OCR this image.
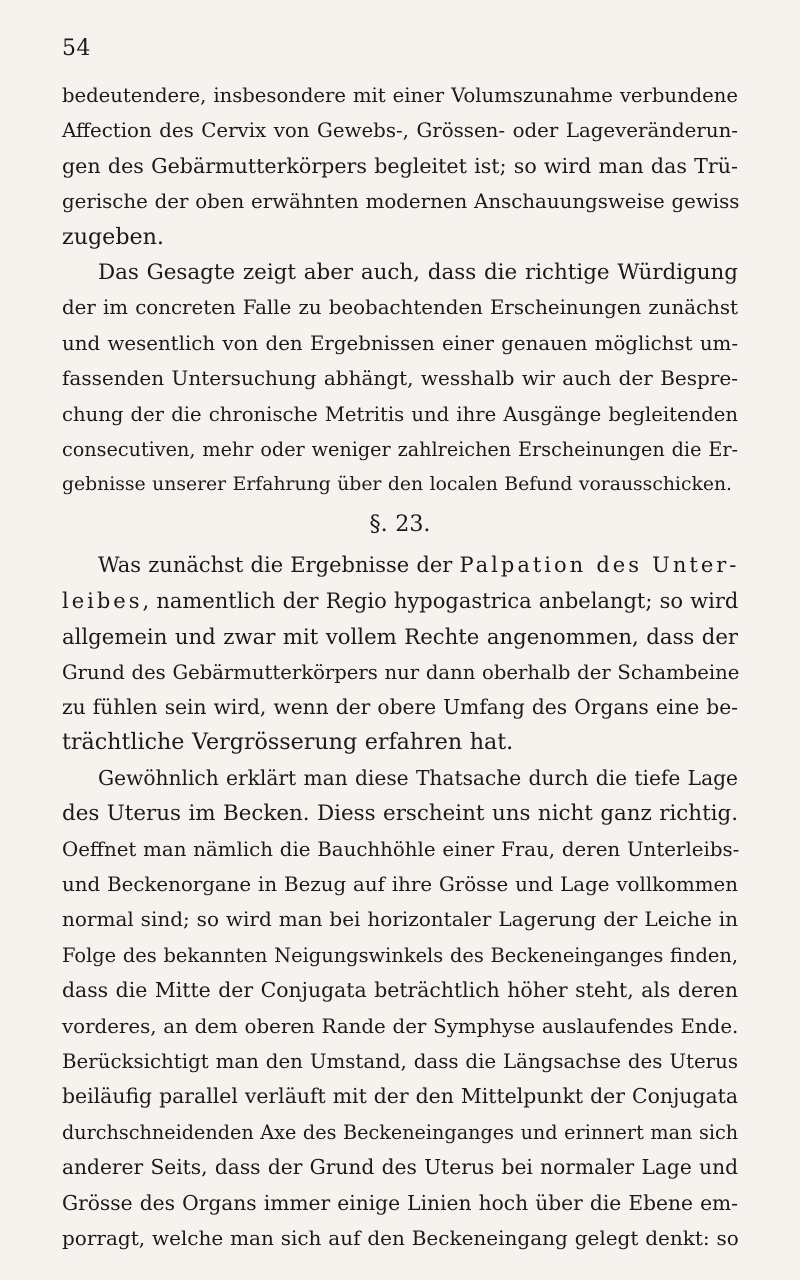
54
bedeutendere, insbesondere mit einer Volumszunahme verbundene
Affection des Cervix von Gewebs-, Grössen- oder Lageveränderun-
gen des Gebärmutterkörpers begleitet ist; so wird man das Trü-
gerische der oben erwähnten modernen Anschauungsweise gewiss
zugeben.
Das Gesagte zeigt aber auch, dass die richtige Würdigung
der im concreten Falle zu beobachtenden Erscheinungen zunächst
und wesentlich von den Ergebnissen einer genauen möglichst um-
fassenden Untersuchung abhängt, wesshalb wir auch der Bespre-
chung der die chronische Metritis und ihre Ausgänge begleitenden
consecutiven, mehr oder weniger zahlreichen Erscheinungen die Er-
gebnisse unserer Erfahrung über den localen Befund vorausschicken.
§. 23.
Was zunächst die Ergebnisse der Palpation des Unter-
leibes, namentlich der Regio hypogastrica anbelangt; so wird
allgemein und zwar mit vollem Rechte angenommen, dass der
Grund des Gebärmutterkörpers nur dann oberhalb der Schambeine
zu fühlen sein wird, wenn der obere Umfang des Organs eine be-
trächtliche Vergrösserung erfahren hat.
Gewöhnlich erklärt man diese Thatsache durch die tiefe Lage
des Uterus im Becken. Diess erscheint uns nicht ganz richtig.
Oeffnet man nämlich die Bauchhöhle einer Frau, deren Unterleibs-
und Beckenorgane in Bezug auf ihre Grösse und Lage vollkommen
normal sind; so wird man bei horizontaler Lagerung der Leiche in
Folge des bekannten Neigungswinkels des Beckeneinganges finden,
dass die Mitte der Conjugata beträchtlich höher steht, als deren
vorderes, an dem oberen Rande der Symphyse auslaufendes Ende.
Berücksichtigt man den Umstand, dass die Längsachse des Uterus
beiläufig parallel verläuft mit der den Mittelpunkt der Conjugata
durchschneidenden Axe des Beckeneinganges und erinnert man sich
anderer Seits, dass der Grund des Uterus bei normaler Lage und
Grösse des Organs immer einige Linien hoch über die Ebene em-
porragt, welche man sich auf den Beckeneingang gelegt denkt: so
